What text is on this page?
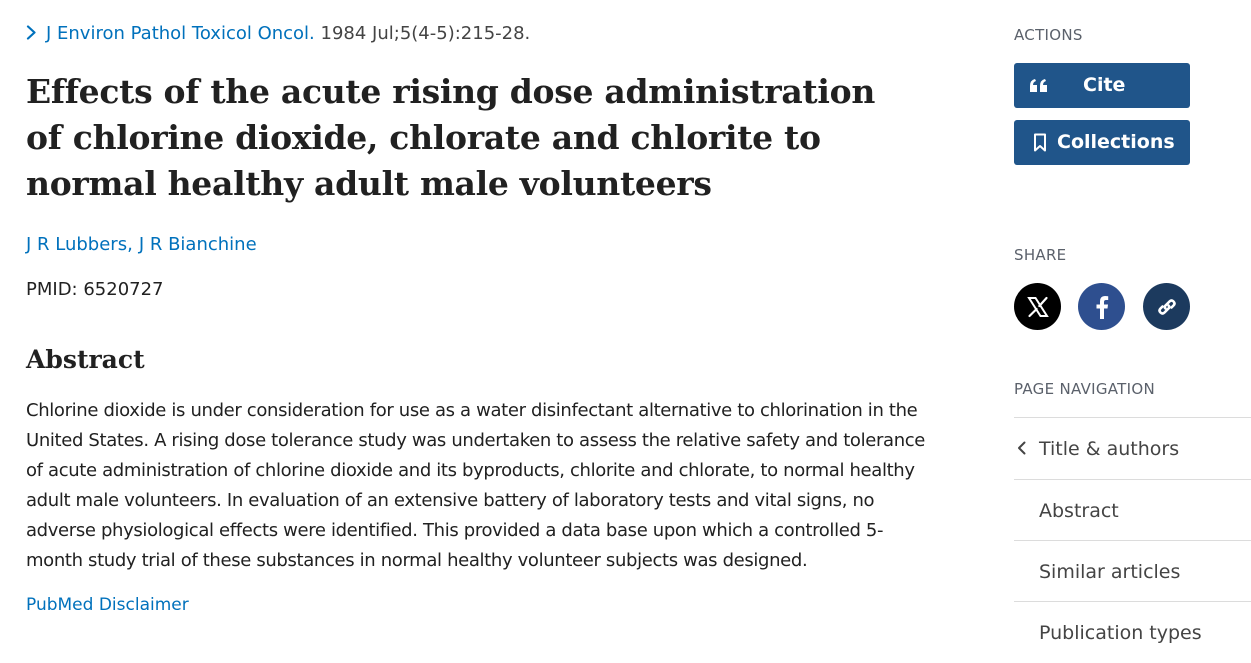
J Environ Pathol Toxicol Oncol. 1984 Jul;5(4-5):215-28.
Effects of the acute rising dose administration of chlorine dioxide, chlorate and chlorite to normal healthy adult male volunteers
J R Lubbers, J R Bianchine
PMID: 6520727
Abstract

Chlorine dioxide is under consideration for use as a water disinfectant alternative to chlorination in the United States. A rising dose tolerance study was undertaken to assess the relative safety and tolerance of acute administration of chlorine dioxide and its byproducts, chlorite and chlorate, to normal healthy adult male volunteers. In evaluation of an extensive battery of laboratory tests and vital signs, no adverse physiological effects were identified. This provided a data base upon which a controlled 5-month study trial of these substances in normal healthy volunteer subjects was designed.

PubMed Disclaimer
ACTIONS
Cite
Collections
SHARE
PAGE NAVIGATION
Title & authors
Abstract
Similar articles
Publication types
